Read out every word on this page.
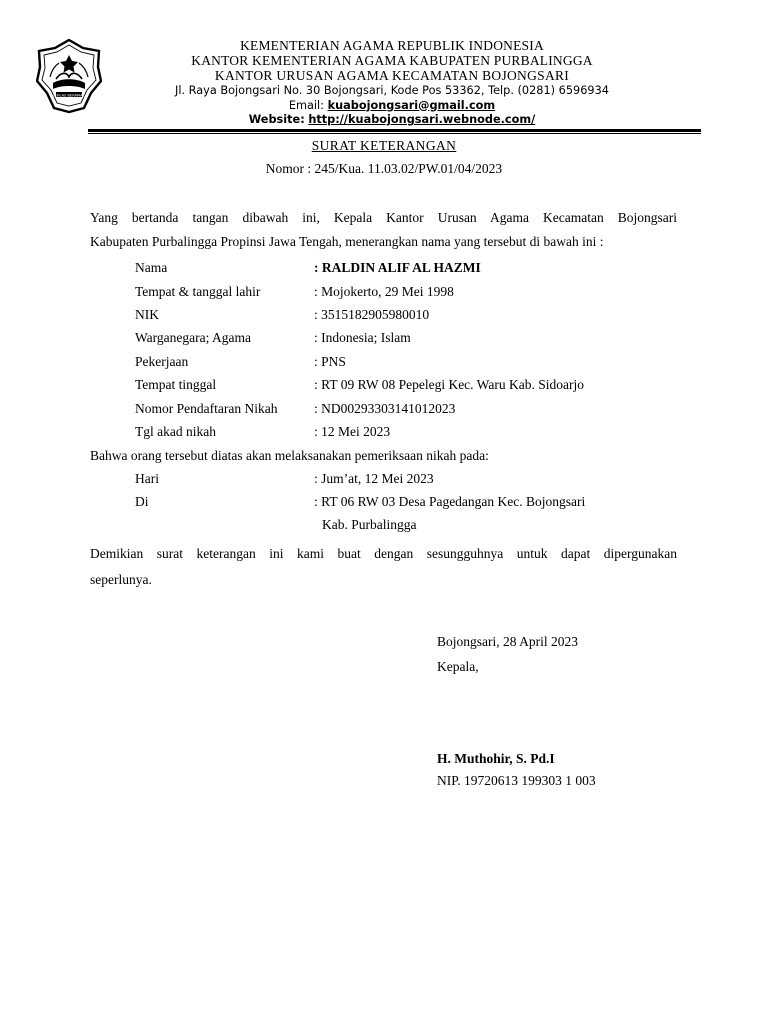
IKHLAS BERAMAL
KEMENTERIAN AGAMA REPUBLIK INDONESIA
KANTOR KEMENTERIAN AGAMA KABUPATEN PURBALINGGA
KANTOR URUSAN AGAMA KECAMATAN BOJONGSARI
Jl. Raya Bojongsari No. 30 Bojongsari, Kode Pos 53362, Telp. (0281) 6596934
Email: kuabojongsari@gmail.com
Website: http://kuabojongsari.webnode.com/
SURAT KETERANGAN
Nomor : 245/Kua. 11.03.02/PW.01/04/2023
Yang bertanda tangan dibawah ini, Kepala Kantor Urusan Agama Kecamatan Bojongsari
Kabupaten Purbalingga Propinsi Jawa Tengah, menerangkan nama yang tersebut di bawah ini :
Nama	: RALDIN ALIF AL HAZMI
Tempat & tanggal lahir	: Mojokerto, 29 Mei 1998
NIK	: 3515182905980010
Warganegara; Agama	: Indonesia; Islam
Pekerjaan	: PNS
Tempat tinggal	: RT 09 RW 08 Pepelegi Kec. Waru Kab. Sidoarjo
Nomor Pendaftaran Nikah	: ND00293303141012023
Tgl akad nikah	: 12 Mei 2023
Bahwa orang tersebut diatas akan melaksanakan pemeriksaan nikah pada:
Hari	: Jum’at, 12 Mei 2023
Di	: RT 06 RW 03 Desa Pagedangan Kec. Bojongsari
Kab. Purbalingga
Demikian surat keterangan ini kami buat dengan sesungguhnya untuk dapat dipergunakan
seperlunya.
Bojongsari, 28 April 2023
Kepala,
H. Muthohir, S. Pd.I
NIP. 19720613 199303 1 003
